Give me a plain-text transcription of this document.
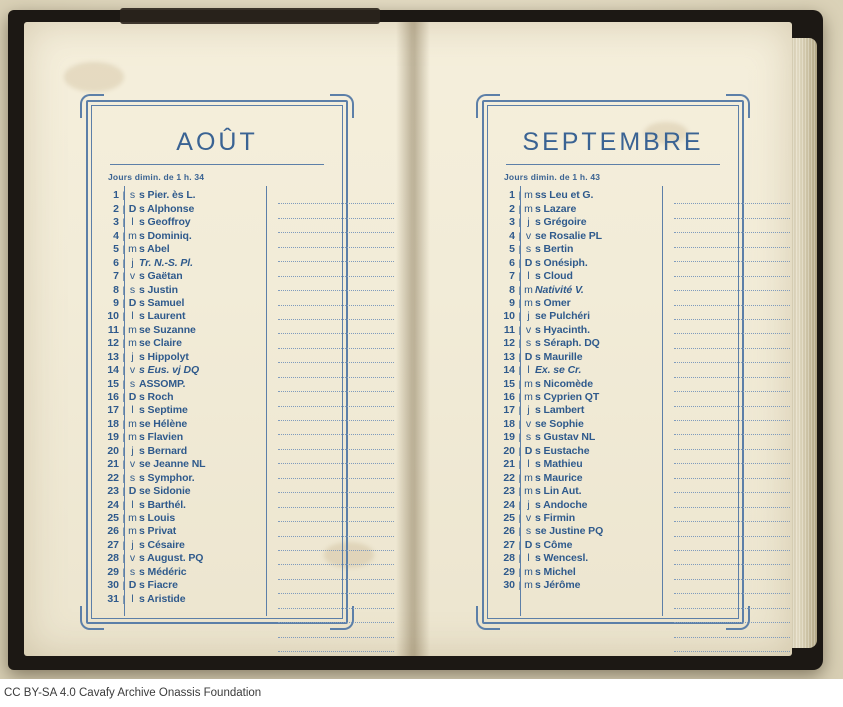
AOÛT
Jours dimin. de 1 h. 34
1 | s s Pier. ès L.
2 | D s Alphonse
3 | l s Geoffroy
4 | m s Dominiq.
5 | m s Abel
6 | j Tr. N.-S. Pl.
7 | v s Gaëtan
8 | s s Justin
9 | D s Samuel
10 | l s Laurent
11 | m se Suzanne
12 | m se Claire
13 | j s Hippolyt
14 | v s Eus. vj DQ
15 | s ASSOMP.
16 | D s Roch
17 | l s Septime
18 | m se Hélène
19 | m s Flavien
20 | j s Bernard
21 | v se Jeanne NL
22 | s s Symphor.
23 | D se Sidonie
24 | l s Barthél.
25 | m s Louis
26 | m s Privat
27 | j s Césaire
28 | v s August. PQ
29 | s s Médéric
30 | D s Fiacre
31 | l s Aristide
SEPTEMBRE
Jours dimin. de 1 h. 43
1 | m ss Leu et G.
2 | m s Lazare
3 | j s Grégoire
4 | v se Rosalie PL
5 | s s Bertin
6 | D s Onésiph.
7 | l s Cloud
8 | m Nativité V.
9 | m s Omer
10 | j se Pulchéri
11 | v s Hyacinth.
12 | s s Séraph. DQ
13 | D s Maurille
14 | l Ex. se Cr.
15 | m s Nicomède
16 | m s Cyprien QT
17 | j s Lambert
18 | v se Sophie
19 | s s Gustav NL
20 | D s Eustache
21 | l s Mathieu
22 | m s Maurice
23 | m s Lin Aut.
24 | j s Andoche
25 | v s Firmin
26 | s se Justine PQ
27 | D s Côme
28 | l s Wencesl.
29 | m s Michel
30 | m s Jérôme
CC BY-SA 4.0 Cavafy Archive Onassis Foundation
